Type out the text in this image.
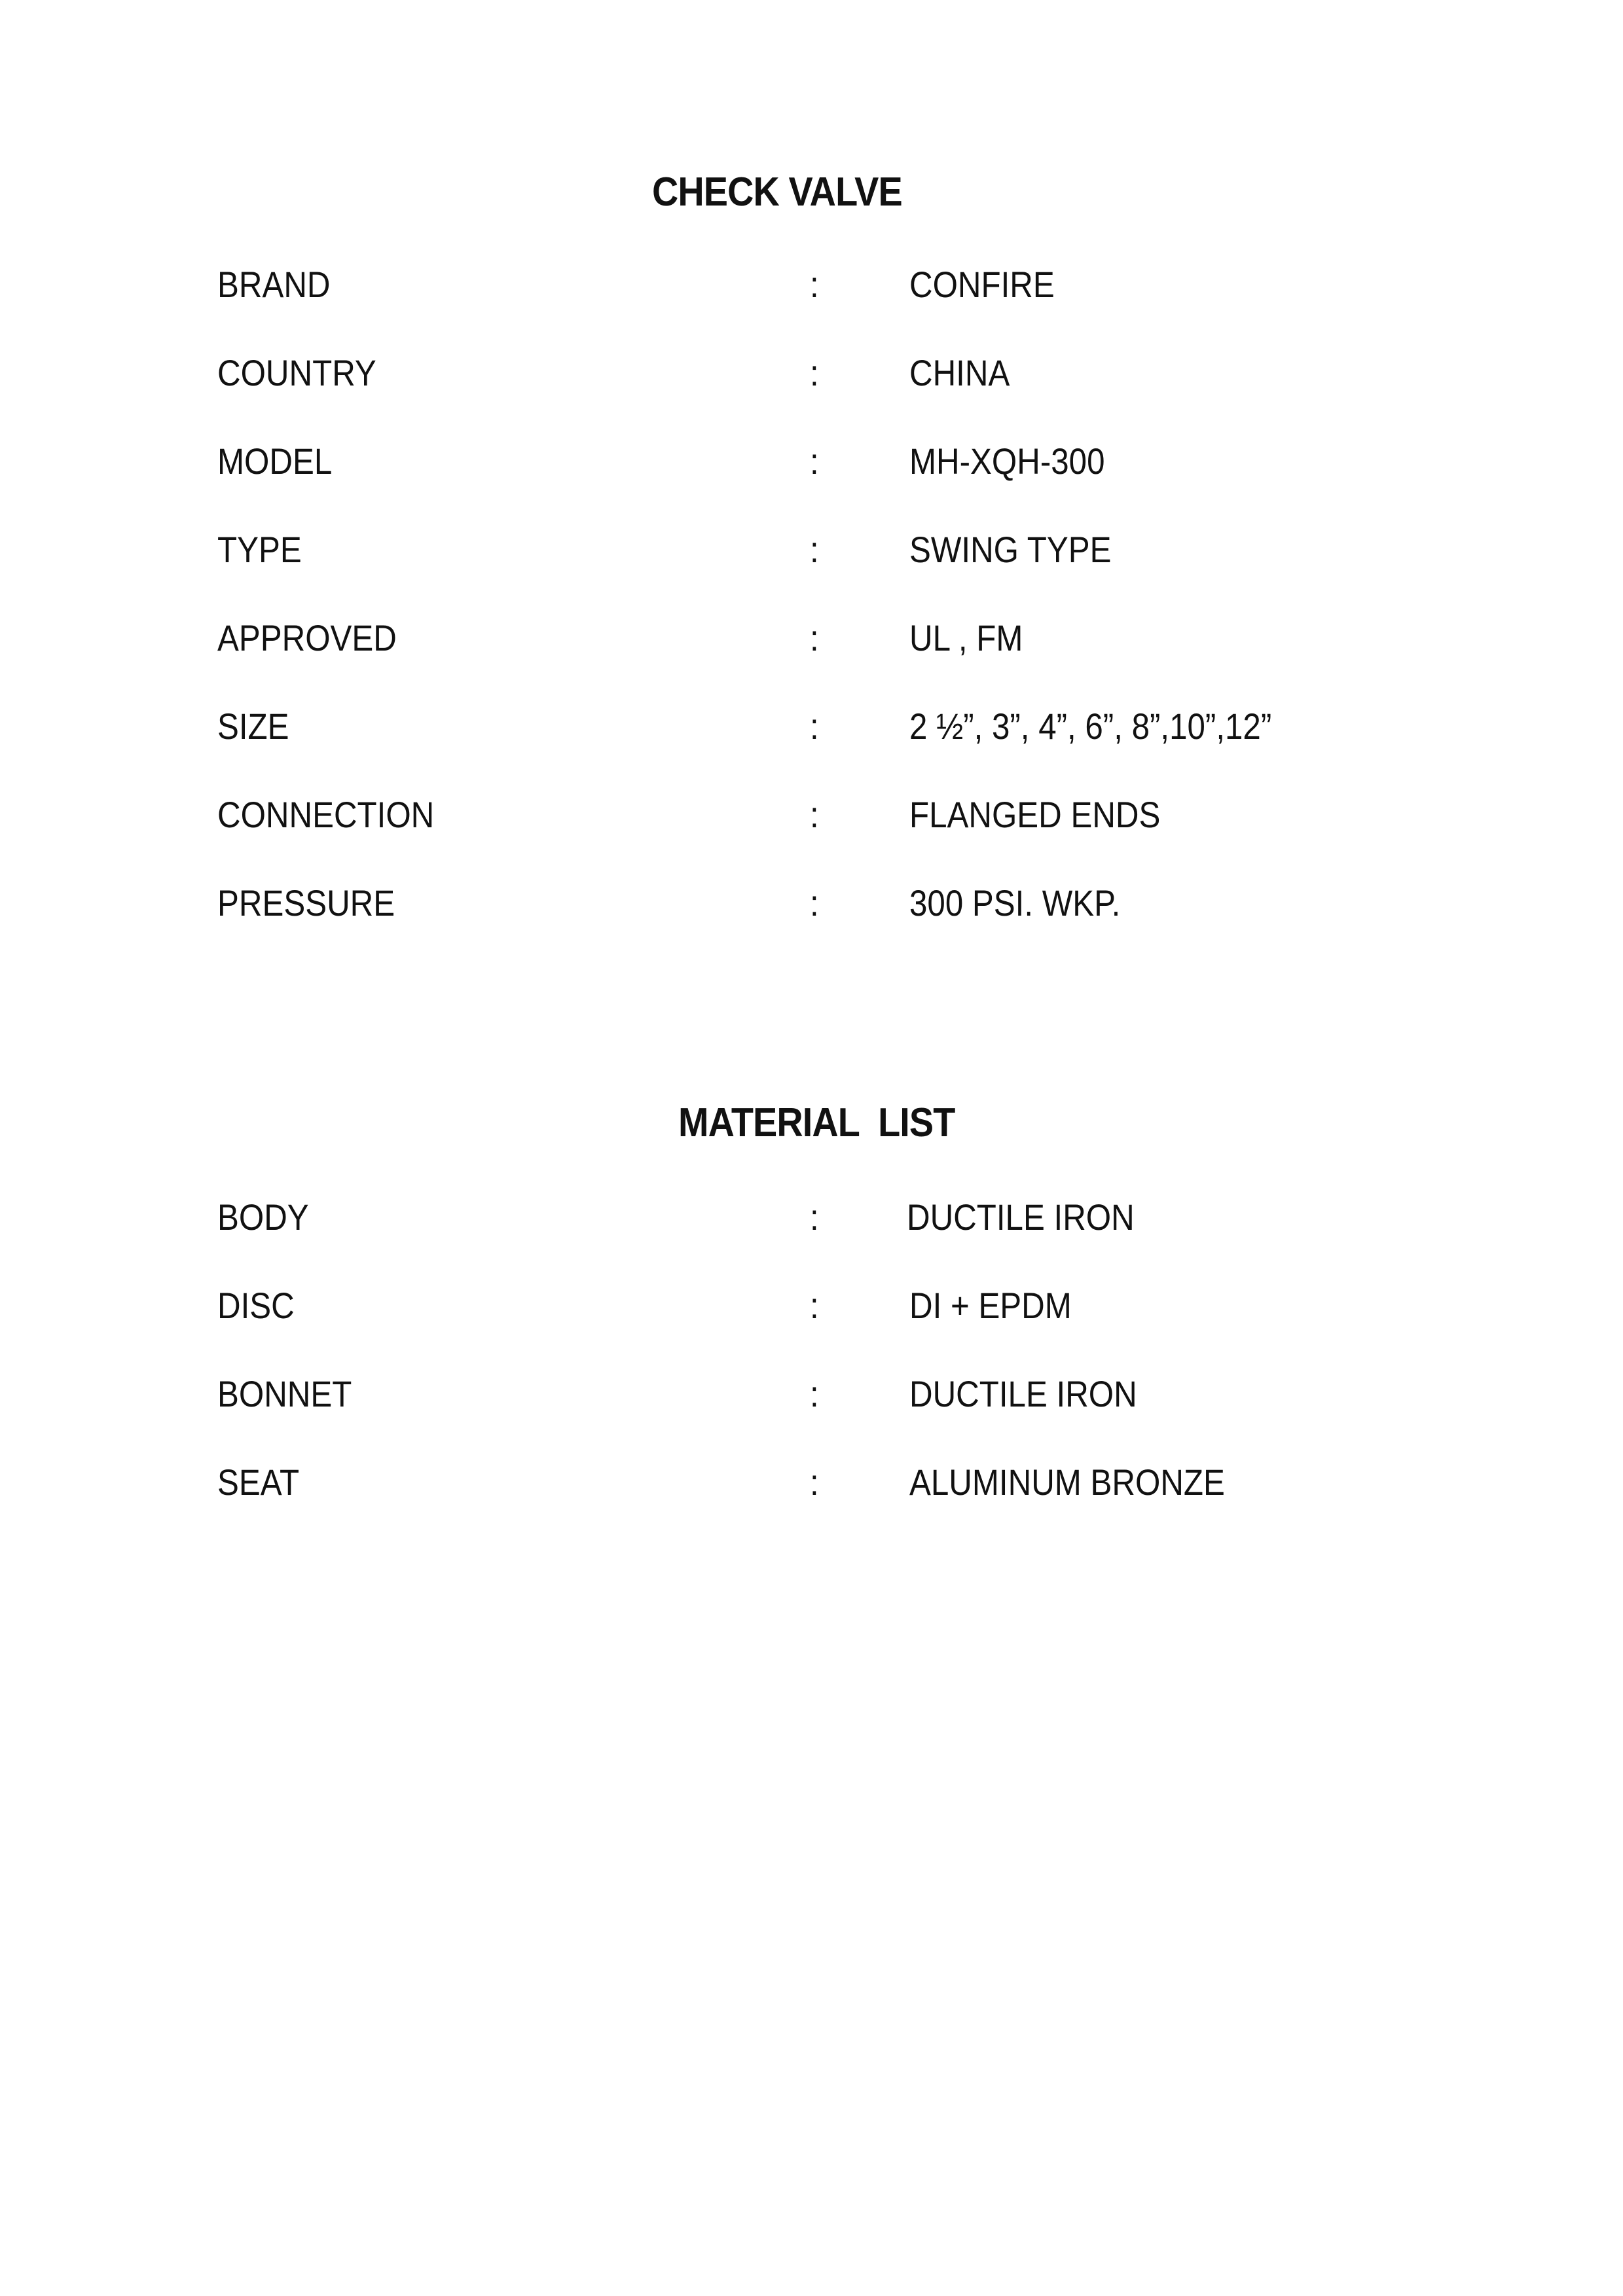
CHECK VALVE
BRAND	: CONFIRE
COUNTRY	: CHINA
MODEL	: MH-XQH-300
TYPE	: SWING TYPE
APPROVED	: UL , FM
SIZE	: 2 ½”, 3”, 4”, 6”, 8”,10”,12”
CONNECTION	: FLANGED ENDS
PRESSURE	: 300 PSI. WKP.
MATERIAL  LIST
BODY	: DUCTILE IRON
DISC	: DI + EPDM
BONNET	: DUCTILE IRON
SEAT	: ALUMINUM BRONZE
